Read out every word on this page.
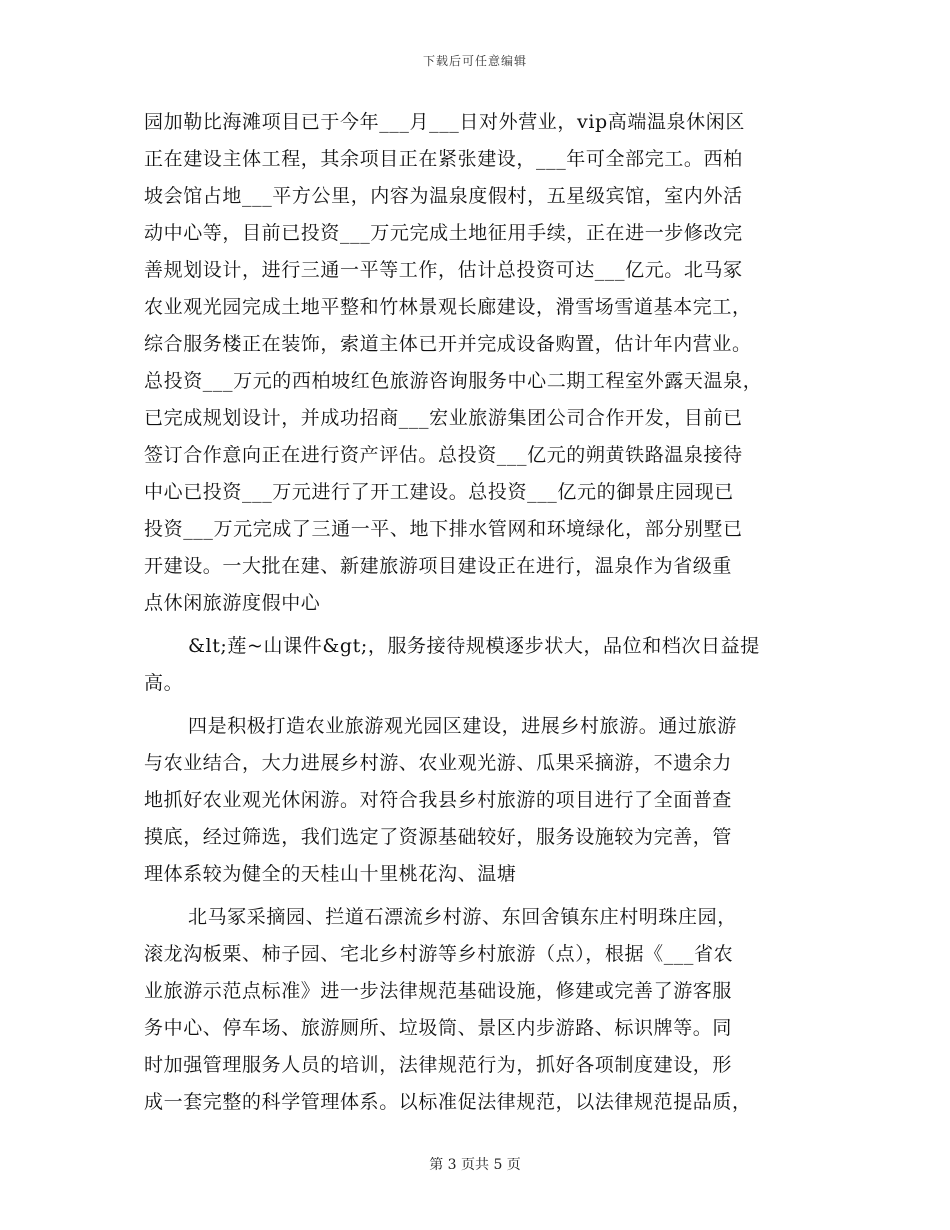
下载后可任意编辑
园加勒比海滩项目已于今年___月___日对外营业，vip高端温泉休闲区
正在建设主体工程，其余项目正在紧张建设，___年可全部完工。西柏
坡会馆占地___平方公里，内容为温泉度假村，五星级宾馆，室内外活
动中心等，目前已投资___万元完成土地征用手续，正在进一步修改完
善规划设计，进行三通一平等工作，估计总投资可达___亿元。北马冢
农业观光园完成土地平整和竹林景观长廊建设，滑雪场雪道基本完工，
综合服务楼正在装饰，索道主体已开并完成设备购置，估计年内营业。
总投资___万元的西柏坡红色旅游咨询服务中心二期工程室外露天温泉，
已完成规划设计，并成功招商___宏业旅游集团公司合作开发，目前已
签订合作意向正在进行资产评估。总投资___亿元的朔黄铁路温泉接待
中心已投资___万元进行了开工建设。总投资___亿元的御景庄园现已
投资___万元完成了三通一平、地下排水管网和环境绿化，部分别墅已
开建设。一大批在建、新建旅游项目建设正在进行，温泉作为省级重
点休闲旅游度假中心
&lt;莲~山课件&gt;，服务接待规模逐步状大，品位和档次日益提
高。
四是积极打造农业旅游观光园区建设，进展乡村旅游。通过旅游
与农业结合，大力进展乡村游、农业观光游、瓜果采摘游，不遗余力
地抓好农业观光休闲游。对符合我县乡村旅游的项目进行了全面普查
摸底，经过筛选，我们选定了资源基础较好，服务设施较为完善，管
理体系较为健全的天桂山十里桃花沟、温塘
北马冢采摘园、拦道石漂流乡村游、东回舍镇东庄村明珠庄园，
滚龙沟板栗、柿子园、宅北乡村游等乡村旅游（点），根据《___省农
业旅游示范点标准》进一步法律规范基础设施，修建或完善了游客服
务中心、停车场、旅游厕所、垃圾筒、景区内步游路、标识牌等。同
时加强管理服务人员的培训，法律规范行为，抓好各项制度建设，形
成一套完整的科学管理体系。以标准促法律规范，以法律规范提品质，
第 3 页共 5 页
